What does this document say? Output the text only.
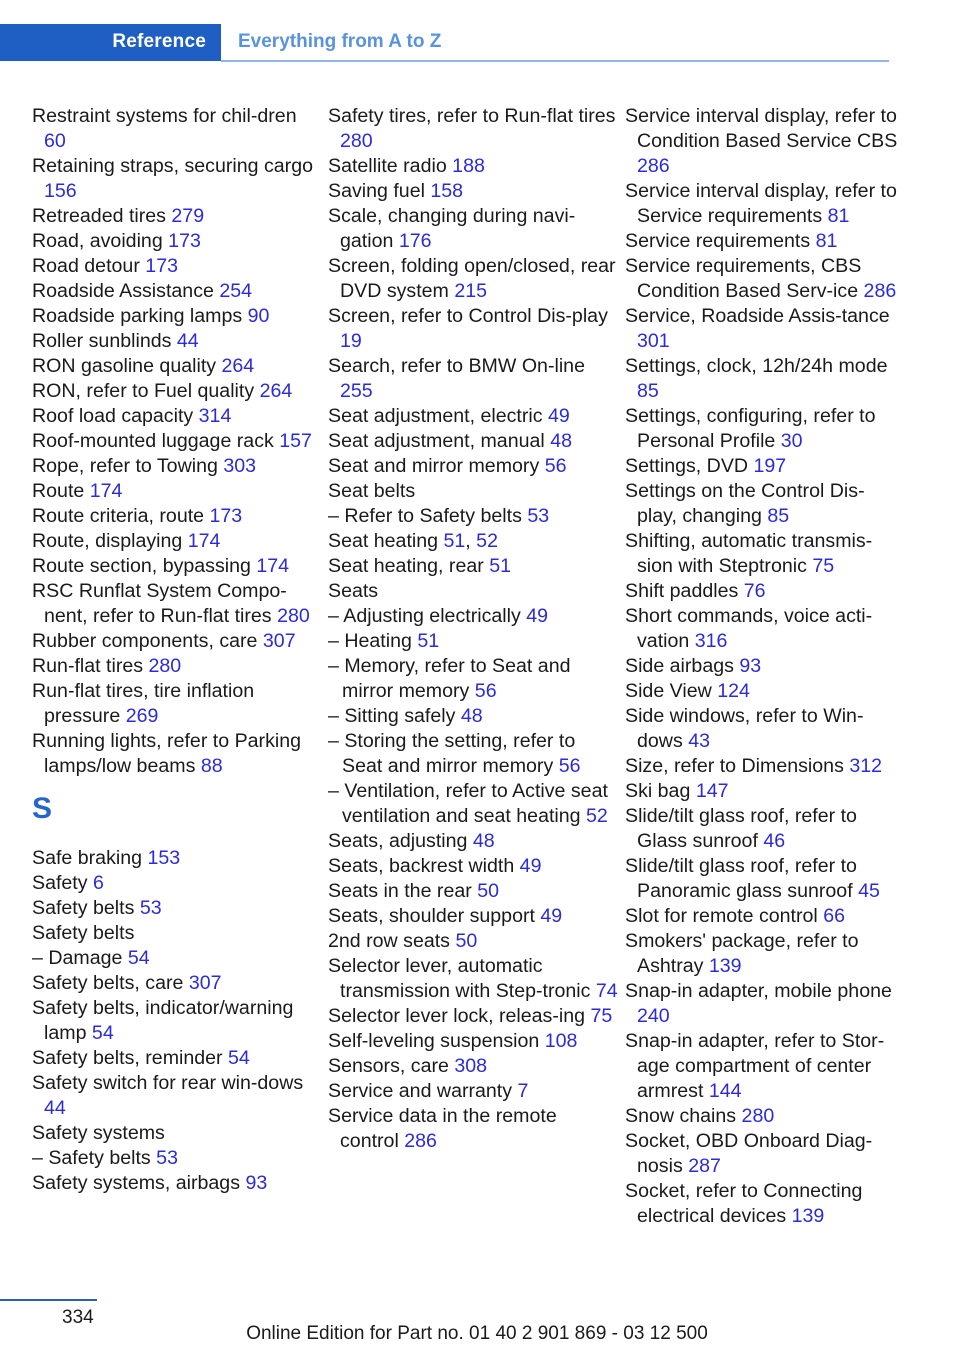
Reference Everything from A to Z

Restraint systems for chil-dren 60

Retaining straps, securing cargo 156

Retreaded tires 279

Road, avoiding 173

Road detour 173

Roadside Assistance 254

Roadside parking lamps 90

Roller sunblinds 44

RON gasoline quality 264

RON, refer to Fuel quality 264

Roof load capacity 314

Roof-mounted luggage rack 157

Rope, refer to Towing 303

Route 174

Route criteria, route 173

Route, displaying 174

Route section, bypassing 174

RSC Runflat System Compo-nent, refer to Run-flat tires 280

Rubber components, care 307

Run-flat tires 280

Run-flat tires, tire inflation pressure 269

Running lights, refer to Parking lamps/low beams 88

S

Safe braking 153

Safety 6

Safety belts 53

Safety belts

– Damage 54

Safety belts, care 307

Safety belts, indicator/warning lamp 54

Safety belts, reminder 54

Safety switch for rear win-dows 44

Safety systems

– Safety belts 53

Safety systems, airbags 93

Safety tires, refer to Run-flat tires 280

Satellite radio 188

Saving fuel 158

Scale, changing during navi-gation 176

Screen, folding open/closed, rear DVD system 215

Screen, refer to Control Dis-play 19

Search, refer to BMW On-line 255

Seat adjustment, electric 49

Seat adjustment, manual 48

Seat and mirror memory 56

Seat belts

– Refer to Safety belts 53

Seat heating 51, 52

Seat heating, rear 51

Seats

– Adjusting electrically 49

– Heating 51

– Memory, refer to Seat and mirror memory 56

– Sitting safely 48

– Storing the setting, refer to Seat and mirror memory 56

– Ventilation, refer to Active seat ventilation and seat heating 52

Seats, adjusting 48

Seats, backrest width 49

Seats in the rear 50

Seats, shoulder support 49

2nd row seats 50

Selector lever, automatic transmission with Step-tronic 74

Selector lever lock, releas-ing 75

Self-leveling suspension 108

Sensors, care 308

Service and warranty 7

Service data in the remote control 286

Service interval display, refer to Condition Based Service CBS 286

Service interval display, refer to Service requirements 81

Service requirements 81

Service requirements, CBS Condition Based Serv-ice 286

Service, Roadside Assis-tance 301

Settings, clock, 12h/24h mode 85

Settings, configuring, refer to Personal Profile 30

Settings, DVD 197

Settings on the Control Dis-play, changing 85

Shifting, automatic transmis-sion with Steptronic 75

Shift paddles 76

Short commands, voice acti-vation 316

Side airbags 93

Side View 124

Side windows, refer to Win-dows 43

Size, refer to Dimensions 312

Ski bag 147

Slide/tilt glass roof, refer to Glass sunroof 46

Slide/tilt glass roof, refer to Panoramic glass sunroof 45

Slot for remote control 66

Smokers' package, refer to Ashtray 139

Snap-in adapter, mobile phone 240

Snap-in adapter, refer to Stor-age compartment of center armrest 144

Snow chains 280

Socket, OBD Onboard Diag-nosis 287

Socket, refer to Connecting electrical devices 139

334
Online Edition for Part no. 01 40 2 901 869 - 03 12 500
